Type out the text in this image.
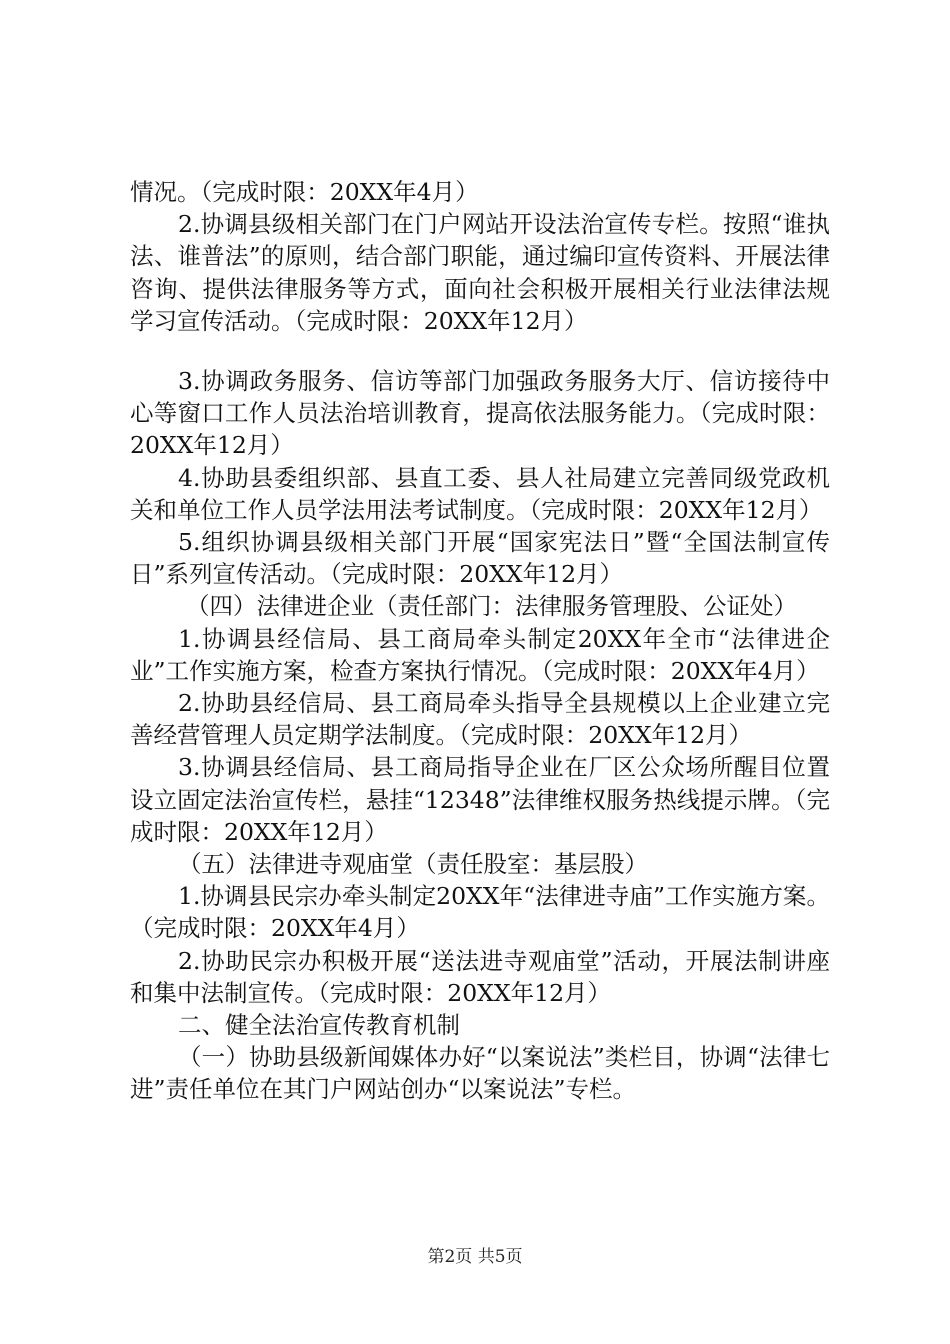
情况。（完成时限：20XX年4月）

2.协调县级相关部门在门户网站开设法治宣传专栏。按照“谁执法、谁普法”的原则，结合部门职能，通过编印宣传资料、开展法律咨询、提供法律服务等方式，面向社会积极开展相关行业法律法规学习宣传活动。（完成时限：20XX年12月）

3.协调政务服务、信访等部门加强政务服务大厅、信访接待中心等窗口工作人员法治培训教育，提高依法服务能力。（完成时限：20XX年12月）

4.协助县委组织部、县直工委、县人社局建立完善同级党政机关和单位工作人员学法用法考试制度。（完成时限：20XX年12月）

5.组织协调县级相关部门开展“国家宪法日”暨“全国法制宣传日”系列宣传活动。（完成时限：20XX年12月）

（四）法律进企业（责任部门：法律服务管理股、公证处）

1.协调县经信局、县工商局牵头制定20XX年全市“法律进企业”工作实施方案，检查方案执行情况。（完成时限：20XX年4月）

2.协助县经信局、县工商局牵头指导全县规模以上企业建立完善经营管理人员定期学法制度。（完成时限：20XX年12月）

3.协调县经信局、县工商局指导企业在厂区公众场所醒目位置设立固定法治宣传栏，悬挂“12348”法律维权服务热线提示牌。（完成时限：20XX年12月）

（五）法律进寺观庙堂（责任股室：基层股）

1.协调县民宗办牵头制定20XX年“法律进寺庙”工作实施方案。（完成时限：20XX年4月）

2.协助民宗办积极开展“送法进寺观庙堂”活动，开展法制讲座和集中法制宣传。（完成时限：20XX年12月）

二、健全法治宣传教育机制

（一）协助县级新闻媒体办好“以案说法”类栏目，协调“法律七进”责任单位在其门户网站创办“以案说法”专栏。

第2页 共5页
